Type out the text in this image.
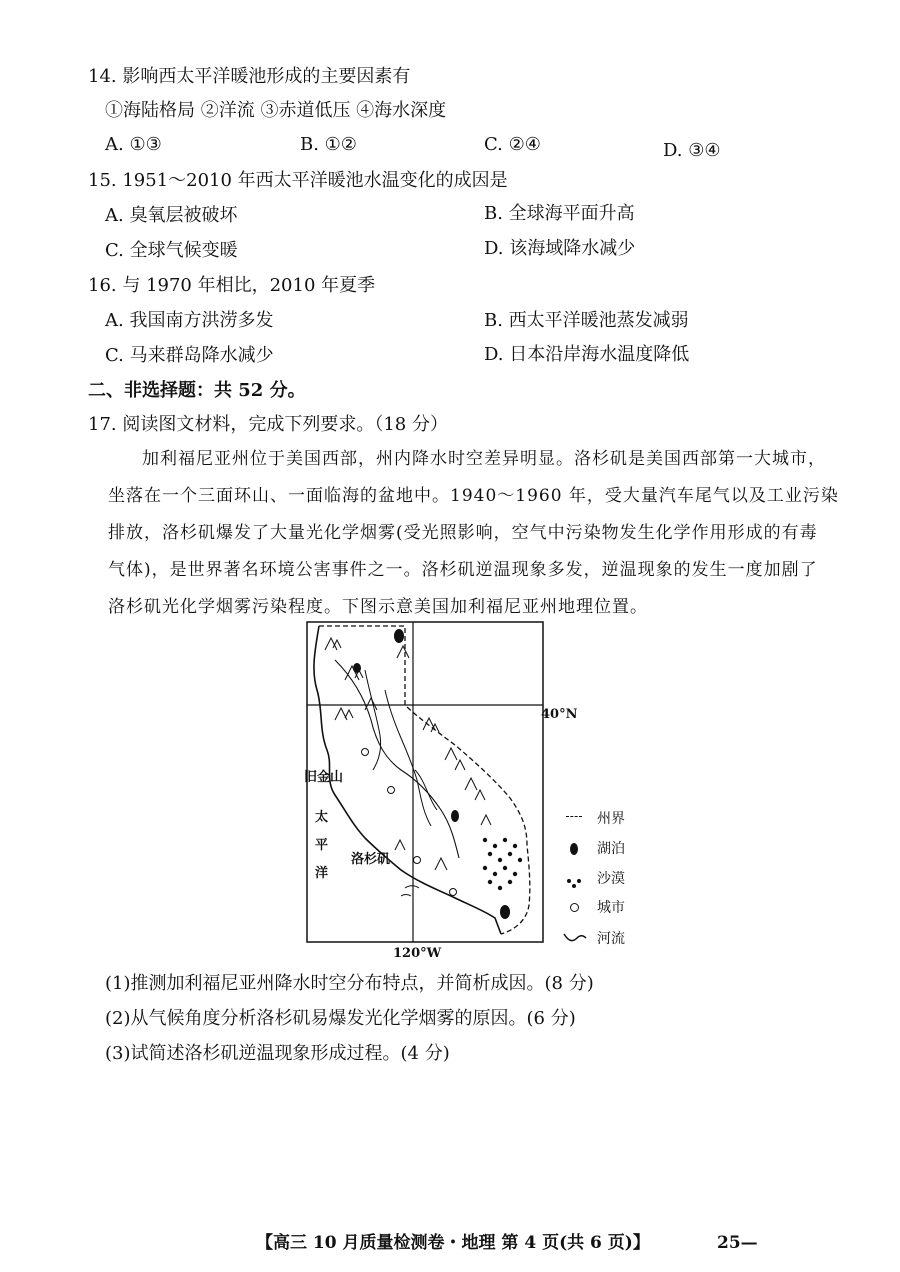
14. 影响西太平洋暖池形成的主要因素有
①海陆格局 ②洋流 ③赤道低压 ④海水深度
A. ①③	B. ①②	C. ②④	D. ③④
15. 1951～2010 年西太平洋暖池水温变化的成因是
A. 臭氧层被破坏	B. 全球海平面升高
C. 全球气候变暖	D. 该海域降水减少
16. 与 1970 年相比，2010 年夏季
A. 我国南方洪涝多发	B. 西太平洋暖池蒸发减弱
C. 马来群岛降水减少	D. 日本沿岸海水温度降低
二、非选择题：共 52 分。
17. 阅读图文材料，完成下列要求。（18 分）
加利福尼亚州位于美国西部，州内降水时空差异明显。洛杉矶是美国西部第一大城市，
坐落在一个三面环山、一面临海的盆地中。1940～1960 年，受大量汽车尾气以及工业污染
排放，洛杉矶爆发了大量光化学烟雾(受光照影响，空气中污染物发生化学作用形成的有毒
气体)，是世界著名环境公害事件之一。洛杉矶逆温现象多发，逆温现象的发生一度加剧了
洛杉矶光化学烟雾污染程度。下图示意美国加利福尼亚州地理位置。
40°N
120°W
旧金山
太
平
洋
洛杉矶
州界
湖泊
沙漠
城市
河流
(1)推测加利福尼亚州降水时空分布特点，并简析成因。(8 分)
(2)从气候角度分析洛杉矶易爆发光化学烟雾的原因。(6 分)
(3)试简述洛杉矶逆温现象形成过程。(4 分)
【高三 10 月质量检测卷・地理 第 4 页(共 6 页)】	25—
